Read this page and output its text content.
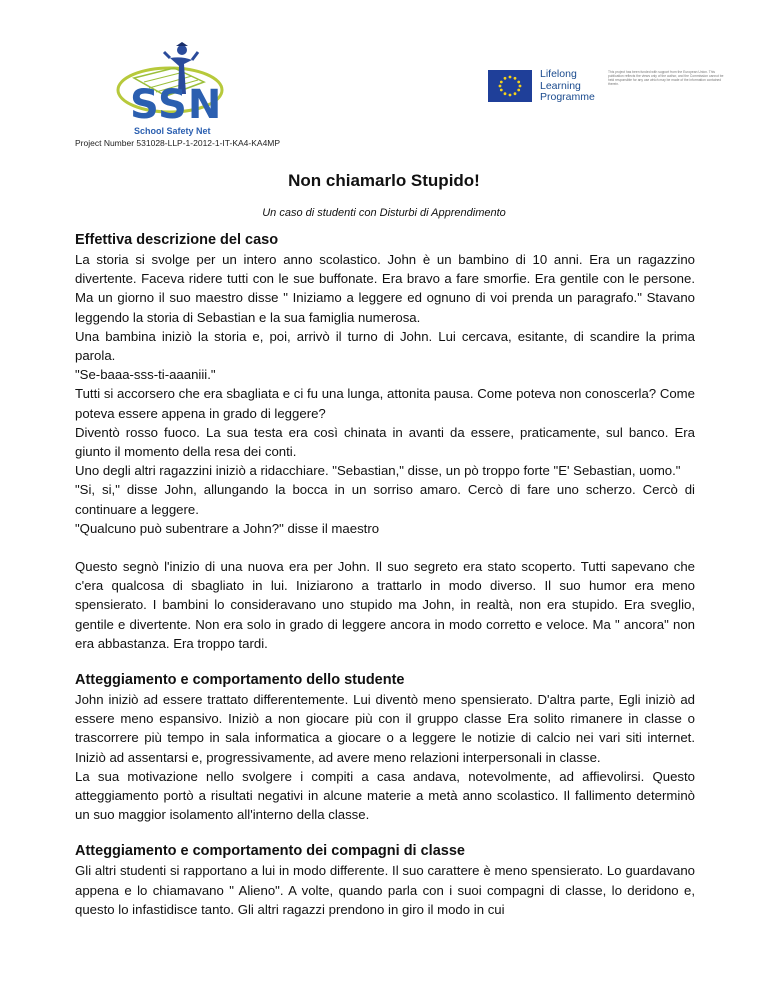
SSN
School Safety Net
Lifelong
Learning
Programme
This project has been funded with support from the European Union. This publication reflects the views only of the author, and the Commission cannot be held responsible for any use which may be made of the information contained therein.
Project Number 531028-LLP-1-2012-1-IT-KA4-KA4MP
Non chiamarlo Stupido!
Un caso di studenti con Disturbi di Apprendimento
Effettiva descrizione del caso

La storia si svolge per un intero anno scolastico. John è un bambino di 10 anni. Era un ragazzino divertente. Faceva ridere tutti con le sue buffonate. Era bravo a fare smorfie. Era gentile con le persone. Ma un giorno il suo maestro disse " Iniziamo a leggere ed ognuno di voi prenda un paragrafo." Stavano leggendo la storia di Sebastian e la sua famiglia numerosa.

Una bambina iniziò la storia e, poi, arrivò il turno di John. Lui cercava, esitante, di scandire la prima parola.

"Se-baaa-sss-ti-aaaniii."

Tutti si accorsero che era sbagliata e ci fu una lunga, attonita pausa. Come poteva non conoscerla? Come poteva essere appena in grado di leggere?

Diventò rosso fuoco. La sua testa era così chinata in avanti da essere, praticamente, sul banco. Era giunto il momento della resa dei conti.

Uno degli altri ragazzini iniziò a ridacchiare. "Sebastian," disse, un pò troppo forte "E' Sebastian, uomo."

"Si, si," disse John, allungando la bocca in un sorriso amaro. Cercò di fare uno scherzo. Cercò di continuare a leggere.

"Qualcuno può subentrare a John?" disse il maestro

Questo segnò l'inizio di una nuova era per John. Il suo segreto era stato scoperto. Tutti sapevano che c'era qualcosa di sbagliato in lui. Iniziarono a trattarlo in modo diverso. Il suo humor era meno spensierato. I bambini lo consideravano uno stupido ma John, in realtà, non era stupido. Era sveglio, gentile e divertente. Non era solo in grado di leggere ancora in modo corretto e veloce. Ma " ancora" non era abbastanza. Era troppo tardi.

Atteggiamento e comportamento dello studente

John iniziò ad essere trattato differentemente. Lui diventò meno spensierato. D'altra parte, Egli iniziò ad essere meno espansivo. Iniziò a non giocare più con il gruppo classe Era solito rimanere in classe o trascorrere più tempo in sala informatica a giocare o a leggere le notizie di calcio nei vari siti internet. Iniziò ad assentarsi e, progressivamente, ad avere meno relazioni interpersonali in classe.

La sua motivazione nello svolgere i compiti a casa andava, notevolmente, ad affievolirsi. Questo atteggiamento portò a risultati negativi in alcune materie a metà anno scolastico. Il fallimento determinò un suo maggior isolamento all'interno della classe.

Atteggiamento e comportamento dei compagni di classe

Gli altri studenti si rapportano a lui in modo differente. Il suo carattere è meno spensierato. Lo guardavano appena e lo chiamavano " Alieno". A volte, quando parla con i suoi compagni di classe, lo deridono e, questo lo infastidisce tanto. Gli altri ragazzi prendono in giro il modo in cui
